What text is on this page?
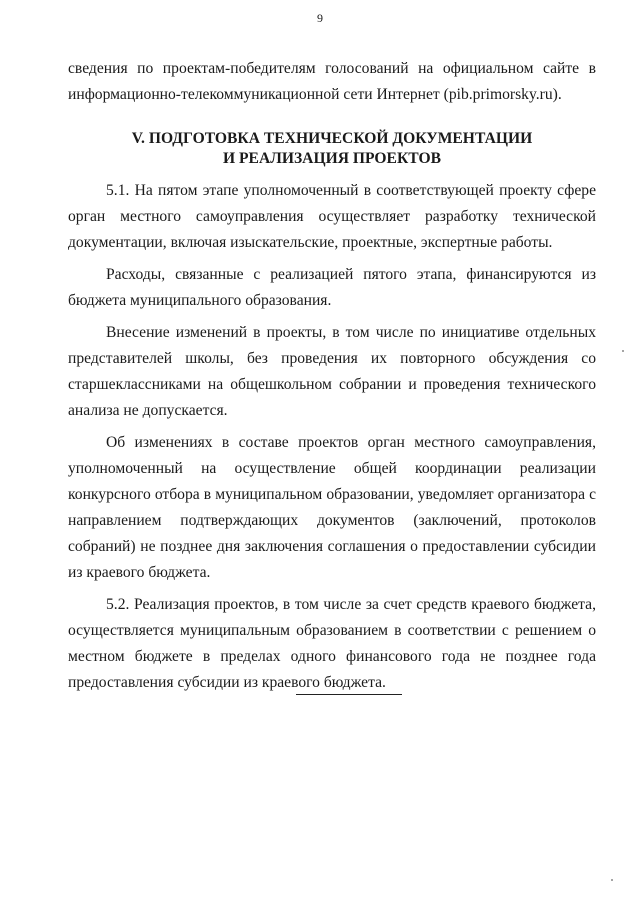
9

сведения по проектам-победителям голосований на официальном сайте в информационно-телекоммуникационной сети Интернет (pib.primorsky.ru).

V. ПОДГОТОВКА ТЕХНИЧЕСКОЙ ДОКУМЕНТАЦИИ
И РЕАЛИЗАЦИЯ ПРОЕКТОВ

5.1. На пятом этапе уполномоченный в соответствующей проекту сфере орган местного самоуправления осуществляет разработку технической документации, включая изыскательские, проектные, экспертные работы.

Расходы, связанные с реализацией пятого этапа, финансируются из бюджета муниципального образования.

Внесение изменений в проекты, в том числе по инициативе отдельных представителей школы, без проведения их повторного обсуждения со старшеклассниками на общешкольном собрании и проведения технического анализа не допускается.

Об изменениях в составе проектов орган местного самоуправления, уполномоченный на осуществление общей координации реализации конкурсного отбора в муниципальном образовании, уведомляет организатора с направлением подтверждающих документов (заключений, протоколов собраний) не позднее дня заключения соглашения о предоставлении субсидии из краевого бюджета.

5.2. Реализация проектов, в том числе за счет средств краевого бюджета, осуществляется муниципальным образованием в соответствии с решением о местном бюджете в пределах одного финансового года не позднее года предоставления субсидии из краевого бюджета.
